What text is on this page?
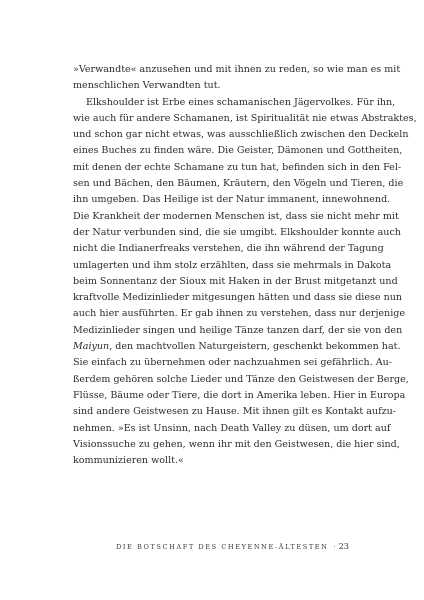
»Verwandte« anzusehen und mit ihnen zu reden, so wie man es mit
menschlichen Verwandten tut.
Elkshoulder ist Erbe eines schamanischen Jägervolkes. Für ihn,
wie auch für andere Schamanen, ist Spiritualität nie etwas Abstraktes,
und schon gar nicht etwas, was ausschließlich zwischen den Deckeln
eines Buches zu finden wäre. Die Geister, Dämonen und Gottheiten,
mit denen der echte Schamane zu tun hat, befinden sich in den Fel-
sen und Bächen, den Bäumen, Kräutern, den Vögeln und Tieren, die
ihn umgeben. Das Heilige ist der Natur immanent, innewohnend.
Die Krankheit der modernen Menschen ist, dass sie nicht mehr mit
der Natur verbunden sind, die sie umgibt. Elkshoulder konnte auch
nicht die Indianerfreaks verstehen, die ihn während der Tagung
umlagerten und ihm stolz erzählten, dass sie mehrmals in Dakota
beim Sonnentanz der Sioux mit Haken in der Brust mitgetanzt und
kraftvolle Medizinlieder mitgesungen hätten und dass sie diese nun
auch hier ausführten. Er gab ihnen zu verstehen, dass nur derjenige
Medizinlieder singen und heilige Tänze tanzen darf, der sie von den
Maiyun, den machtvollen Naturgeistern, geschenkt bekommen hat.
Sie einfach zu übernehmen oder nachzuahmen sei gefährlich. Au-
ßerdem gehören solche Lieder und Tänze den Geistwesen der Berge,
Flüsse, Bäume oder Tiere, die dort in Amerika leben. Hier in Europa
sind andere Geistwesen zu Hause. Mit ihnen gilt es Kontakt aufzu-
nehmen. »Es ist Unsinn, nach Death Valley zu düsen, um dort auf
Visionssuche zu gehen, wenn ihr mit den Geistwesen, die hier sind,
kommunizieren wollt.«
DIE BOTSCHAFT DES CHEYENNE-ÄLTESTEN · 23
